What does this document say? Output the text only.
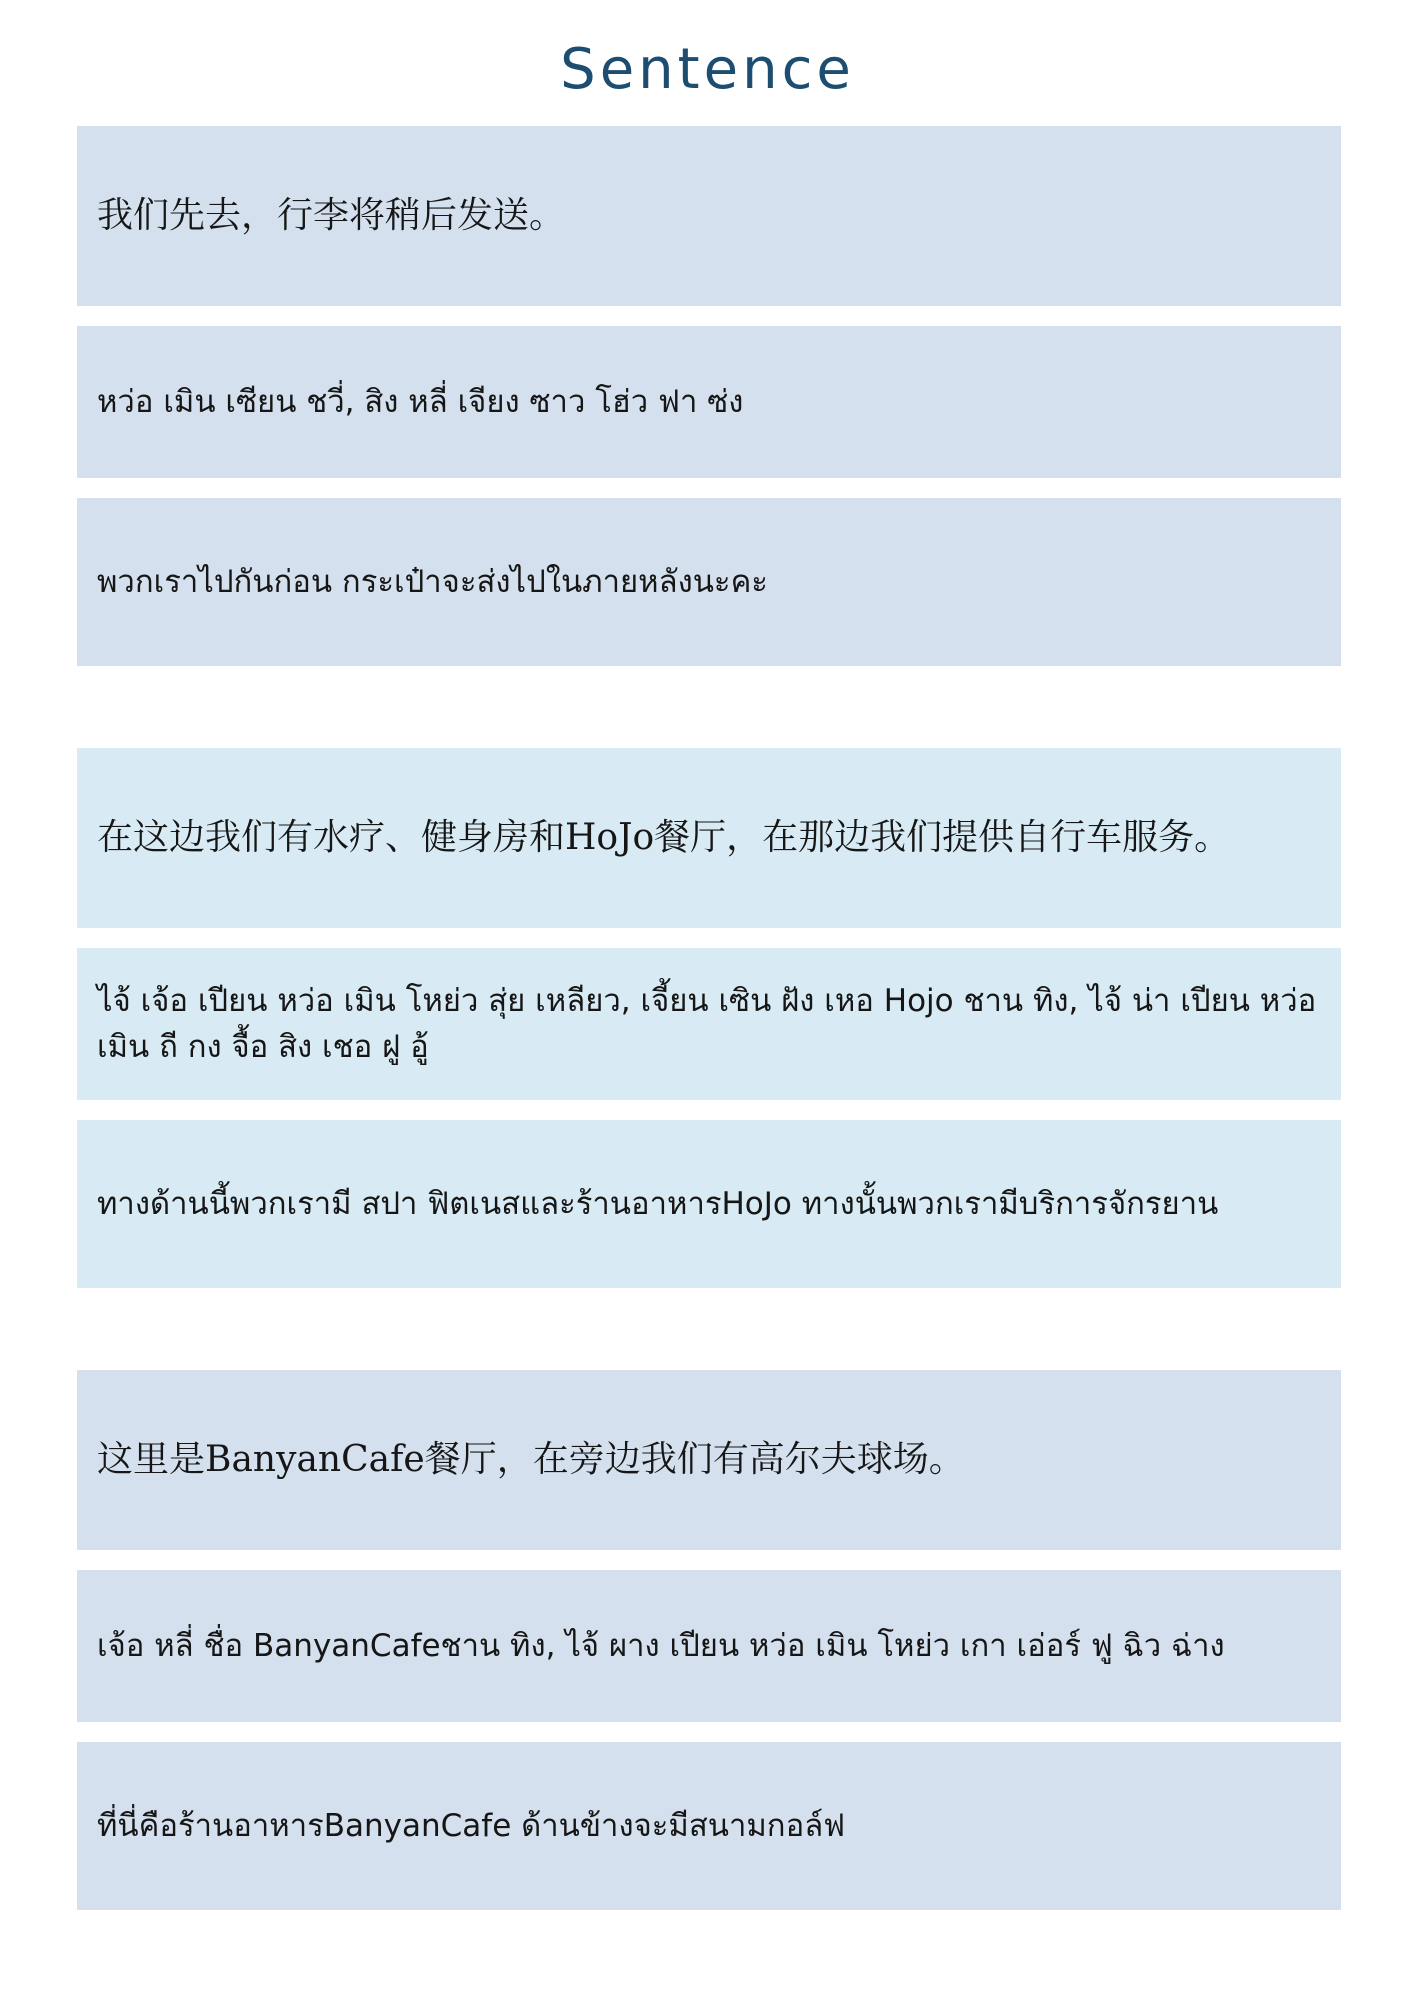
Sentence
我们先去，行李将稍后发送。
หว่อ เมิน เซียน ชวี่, สิง หลี่ เจียง ซาว โฮ่ว ฟา ซ่ง
พวกเราไปกันก่อน กระเป๋าจะส่งไปในภายหลังนะคะ
在这边我们有水疗、健身房和HoJo餐厅，在那边我们提供自行车服务。
ไจ้ เจ้อ เปียน หว่อ เมิน โหย่ว สุ่ย เหลียว, เจี้ยน เซิน ฝัง เหอ Hojo ชาน ทิง, ไจ้ น่า เปียน หว่อ เมิน ถี กง จื้อ สิง เชอ ฝู อู้
ทางด้านนี้พวกเรามี สปา ฟิตเนสและร้านอาหารHoJo ทางนั้นพวกเรามีบริการจักรยาน
这里是BanyanCafe餐厅，在旁边我们有高尔夫球场。
เจ้อ หลี่ ชื่อ BanyanCafeชาน ทิง, ไจ้ ผาง เปียน หว่อ เมิน โหย่ว เกา เอ่อร์ ฟู ฉิว ฉ่าง
ที่นี่คือร้านอาหารBanyanCafe ด้านข้างจะมีสนามกอล์ฟ
